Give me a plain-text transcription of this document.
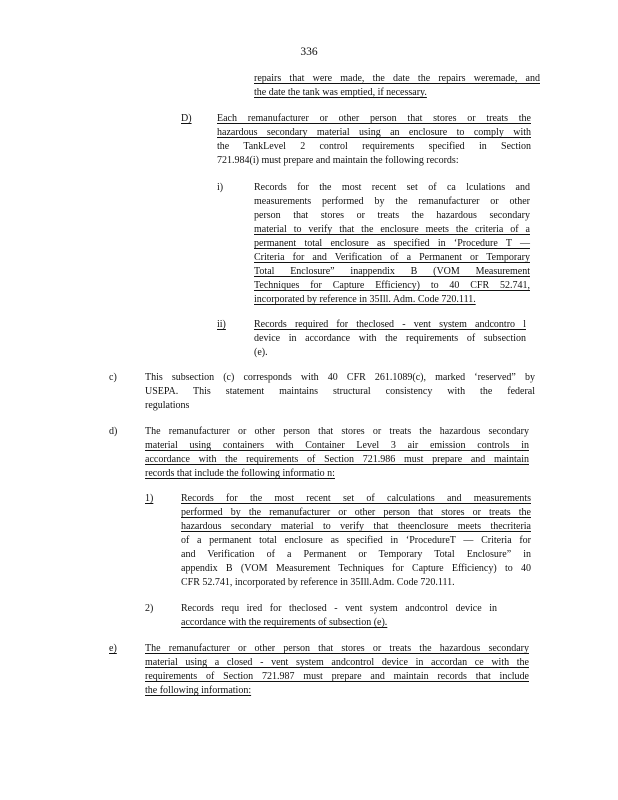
336
repairs that were made, the date the repairs weremade, and
the date the tank was emptied, if necessary.
D)	Each remanufacturer or other person that stores or treats the
hazardous secondary material using an enclosure to comply with
the TankLevel 2 control requirements specified in Section
721.984(i) must prepare and maintain the following records:
i)	Records for the most recent set of ca lculations and
measurements performed by the remanufacturer or other
person that stores or treats the hazardous secondary
material to verify that the enclosure meets the criteria of a
permanent total enclosure as specified in ‘Procedure T —
Criteria for and Verification of a Permanent or Temporary
Total Enclosure” inappendix B (VOM Measurement
Techniques for Capture Efficiency) to 40 CFR 52.741,
incorporated by reference in 35Ill. Adm. Code 720.111.
ii)	Records required for theclosed - vent system andcontro l
device in accordance with the requirements of subsection
(e).
c)	This subsection (c) corresponds with 40 CFR 261.1089(c), marked ‘reserved” by
USEPA. This statement maintains structural consistency with the federal
regulations
d)	The remanufacturer or other person that stores or treats the hazardous secondary
material using containers with Container Level 3 air emission controls in
accordance with the requirements of Section 721.986 must prepare and maintain
records that include the following informatio n:
1)	Records for the most recent set of calculations and measurements
performed by the remanufacturer or other person that stores or treats the
hazardous secondary material to verify that theenclosure meets thecriteria
of a permanent total enclosure as specified in ‘ProcedureT — Criteria for
and Verification of a Permanent or Temporary Total Enclosure” in
appendix B (VOM Measurement Techniques for Capture Efficiency) to 40
CFR 52.741, incorporated by reference in 35Ill.Adm. Code 720.111.
2)	Records requ ired for theclosed - vent system andcontrol device in
accordance with the requirements of subsection (e).
e)	The remanufacturer or other person that stores or treats the hazardous secondary
material using a closed - vent system andcontrol device in accordan ce with the
requirements of Section 721.987 must prepare and maintain records that include
the following information:
